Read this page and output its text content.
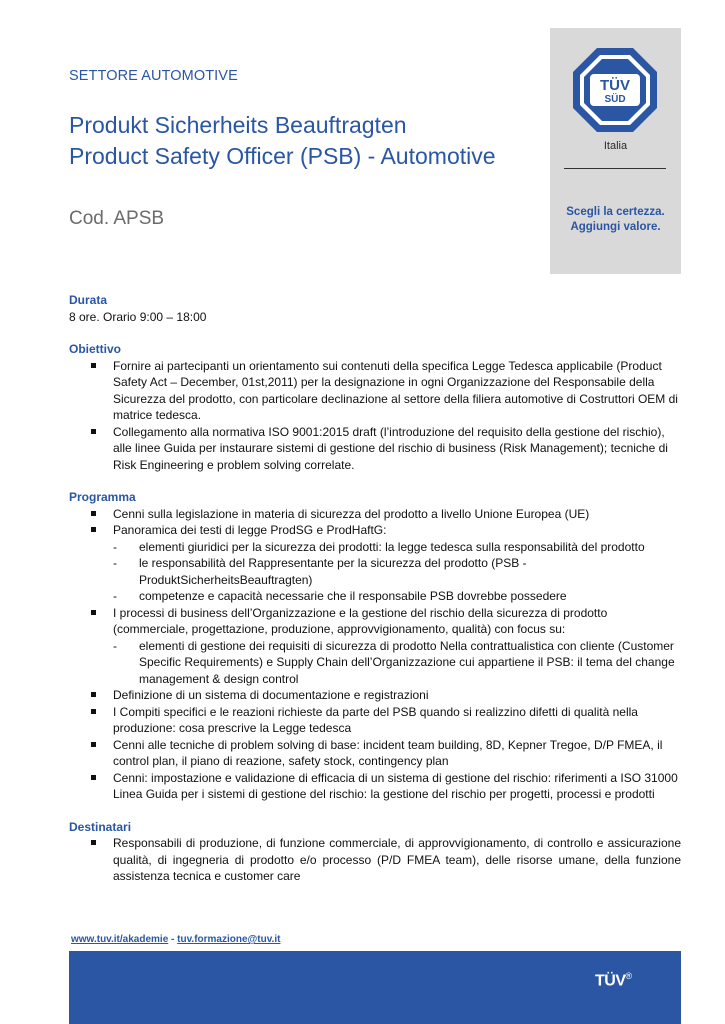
SETTORE AUTOMOTIVE
Produkt Sicherheits Beauftragten
Product Safety Officer (PSB) - Automotive
Cod. APSB
TÜV
SÜD
Italia
Scegli la certezza.
Aggiungi valore.
Durata
8 ore. Orario 9:00 – 18:00
Obiettivo
Fornire ai partecipanti un orientamento sui contenuti della specifica Legge Tedesca applicabile (Product Safety Act – December, 01st,2011) per la designazione in ogni Organizzazione del Responsabile della Sicurezza del prodotto, con particolare declinazione al settore della filiera automotive di Costruttori OEM di matrice tedesca.
Collegamento alla normativa ISO 9001:2015 draft (l’introduzione del requisito della gestione del rischio), alle linee Guida per instaurare sistemi di gestione del rischio di business (Risk Management); tecniche di Risk Engineering e problem solving correlate.
Programma
Cenni sulla legislazione in materia di sicurezza del prodotto a livello Unione Europea (UE)
Panoramica dei testi di legge ProdSG e ProdHaftG:
- elementi giuridici per la sicurezza dei prodotti: la legge tedesca sulla responsabilità del prodotto
- le responsabilità del Rappresentante per la sicurezza del prodotto (PSB - ProduktSicherheitsBeauftragten)
- competenze e capacità necessarie che il responsabile PSB dovrebbe possedere
I processi di business dell’Organizzazione e la gestione del rischio della sicurezza di prodotto (commerciale, progettazione, produzione, approvvigionamento, qualità) con focus su:
- elementi di gestione dei requisiti di sicurezza di prodotto Nella contrattualistica con cliente (Customer Specific Requirements) e Supply Chain dell’Organizzazione cui appartiene il PSB: il tema del change management & design control
Definizione di un sistema di documentazione e registrazioni
I Compiti specifici e le reazioni richieste da parte del PSB quando si realizzino difetti di qualità nella produzione: cosa prescrive la Legge tedesca
Cenni alle tecniche di problem solving di base: incident team building, 8D, Kepner Tregoe, D/P FMEA, il control plan, il piano di reazione, safety stock, contingency plan
Cenni: impostazione e validazione di efficacia di un sistema di gestione del rischio: riferimenti a ISO 31000 Linea Guida per i sistemi di gestione del rischio: la gestione del rischio per progetti, processi e prodotti
Destinatari
Responsabili di produzione, di funzione commerciale, di approvvigionamento, di controllo e assicurazione qualità, di ingegneria di prodotto e/o processo (P/D FMEA team), delle risorse umane, della funzione assistenza tecnica e customer care
www.tuv.it/akademie - tuv.formazione@tuv.it
TÜV®
